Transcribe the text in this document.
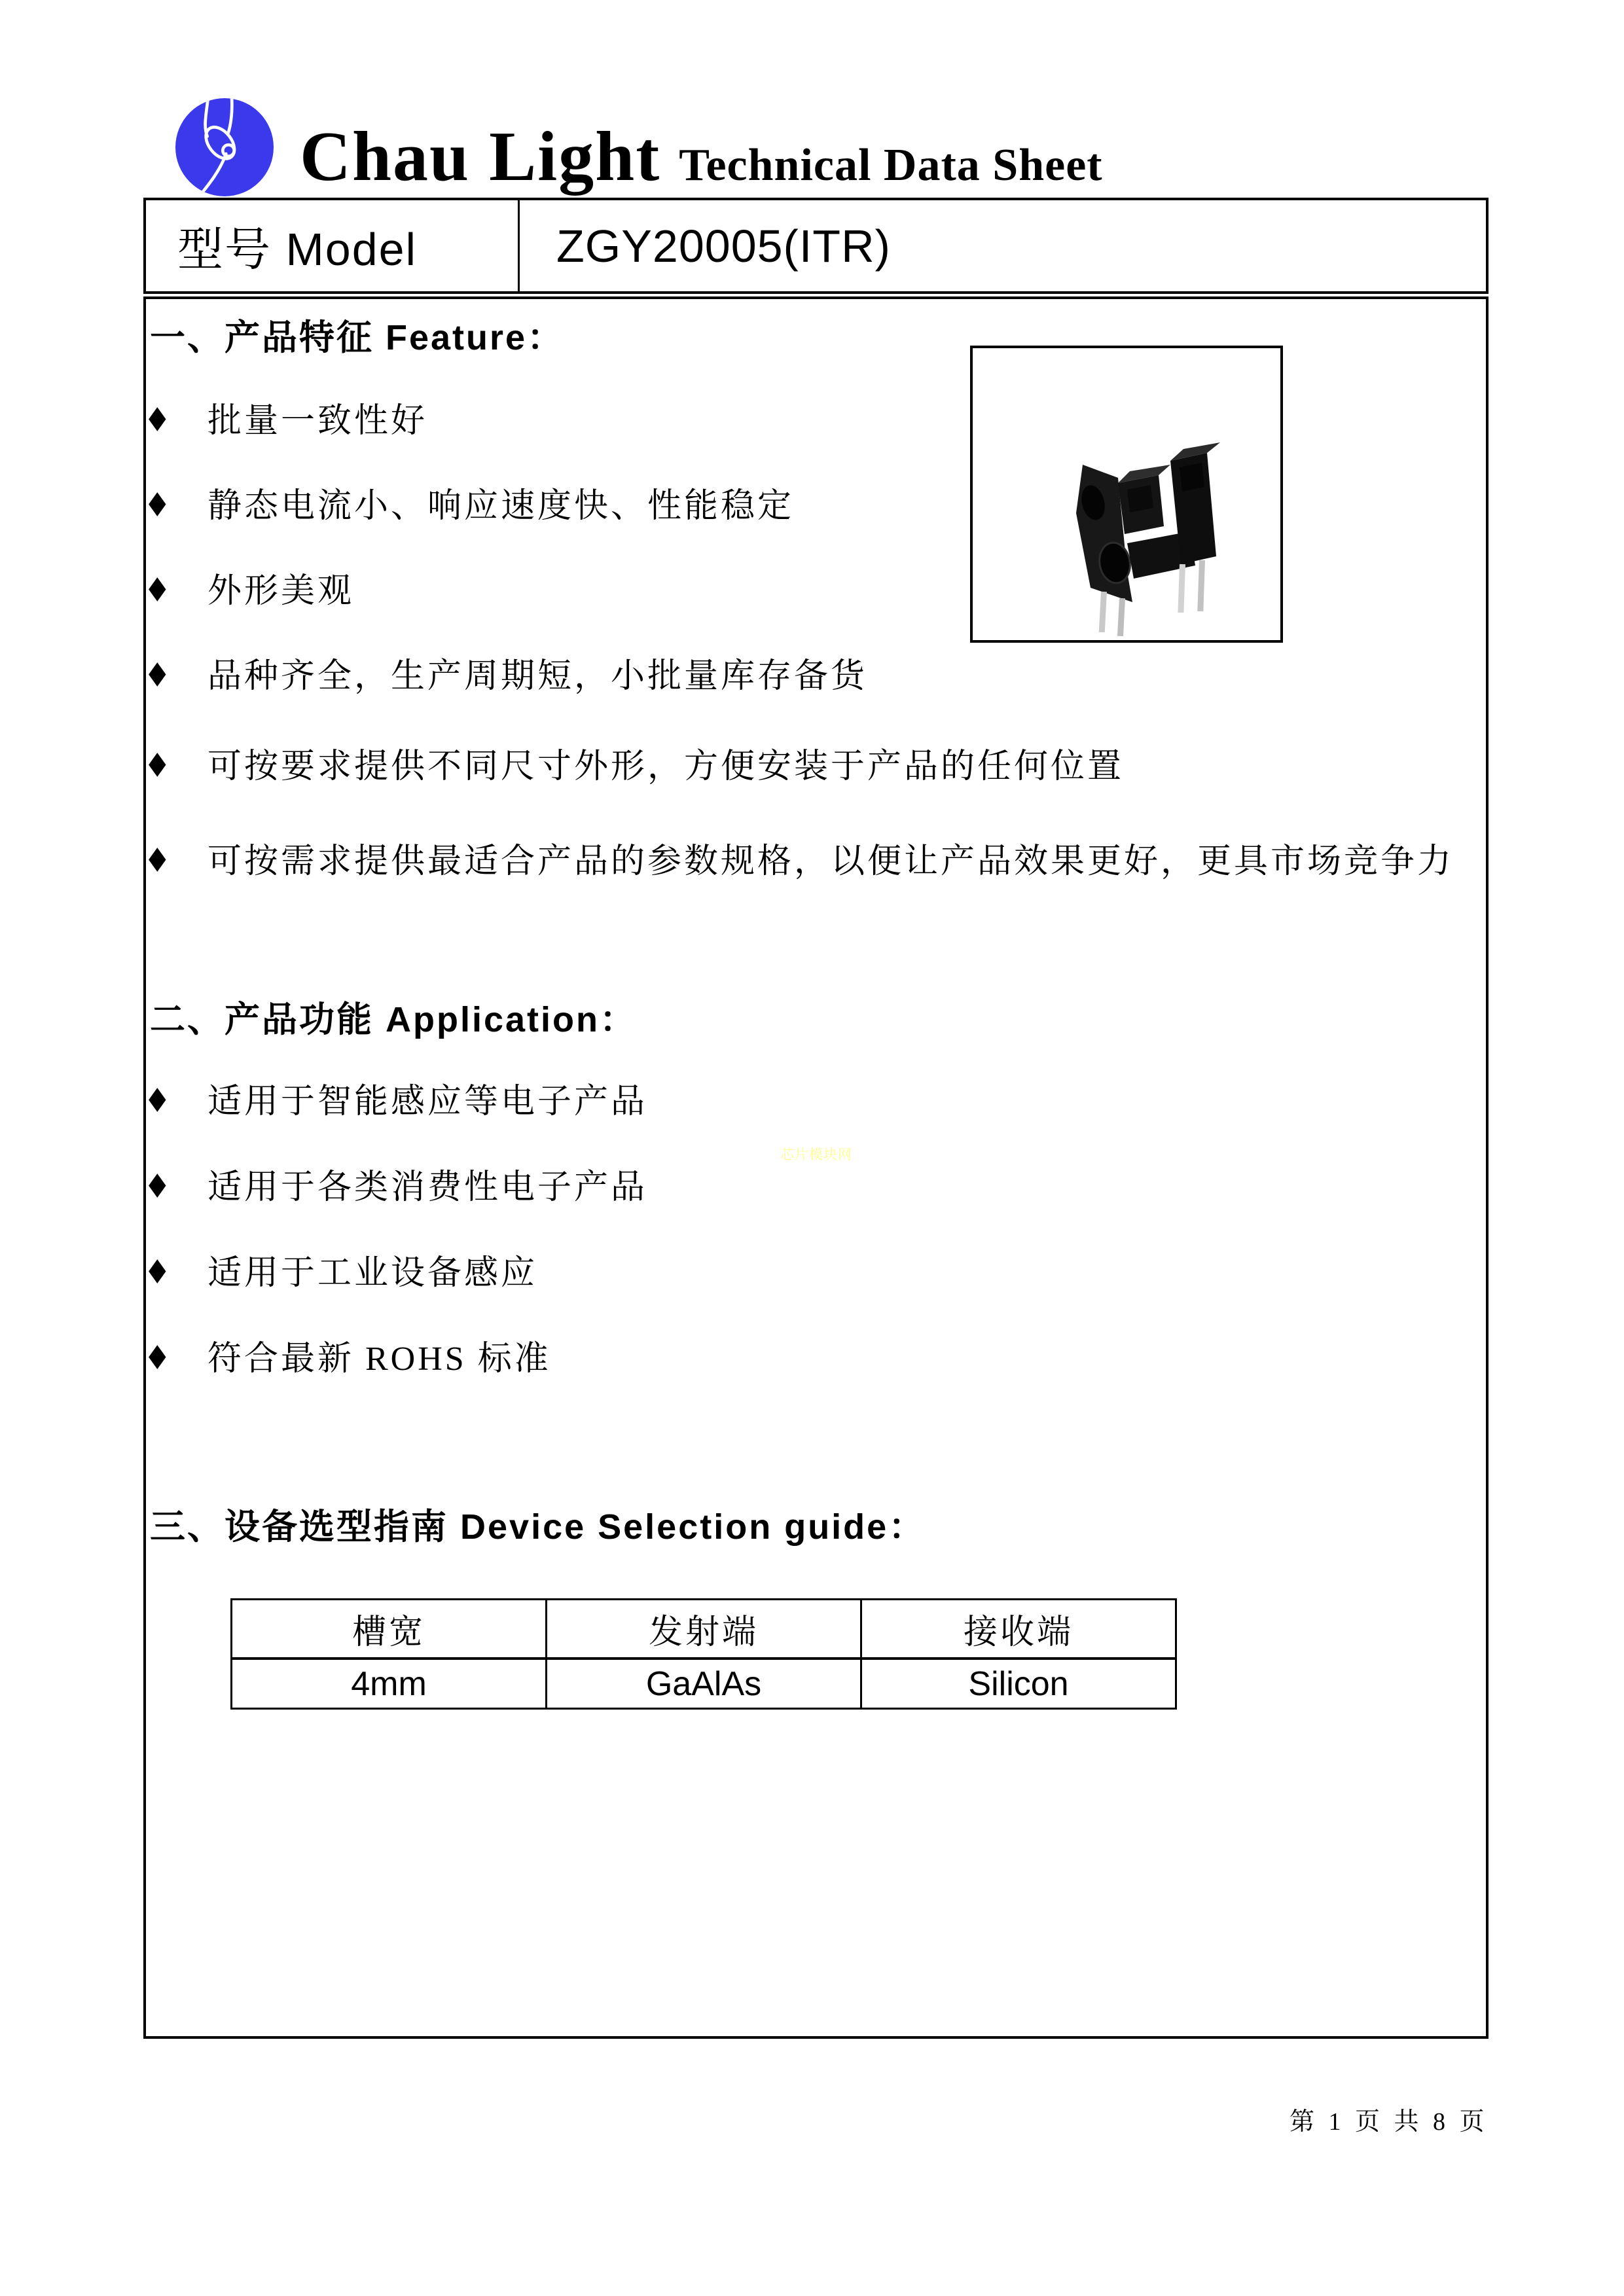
Chau Light Technical Data Sheet
型号 Model	ZGY20005(ITR)
一、产品特征 Feature：
◆ 批量一致性好
◆ 静态电流小、响应速度快、性能稳定
◆ 外形美观
◆ 品种齐全，生产周期短，小批量库存备货
◆ 可按要求提供不同尺寸外形，方便安装于产品的任何位置
◆ 可按需求提供最适合产品的参数规格，以便让产品效果更好，更具市场竞争力
二、产品功能 Application：
◆ 适用于智能感应等电子产品
◆ 适用于各类消费性电子产品
◆ 适用于工业设备感应
◆ 符合最新 ROHS 标准
芯片模块网
三、设备选型指南 Device Selection guide：
槽宽	发射端	接收端
4mm	GaAlAs	Silicon
第 1 页 共 8 页
